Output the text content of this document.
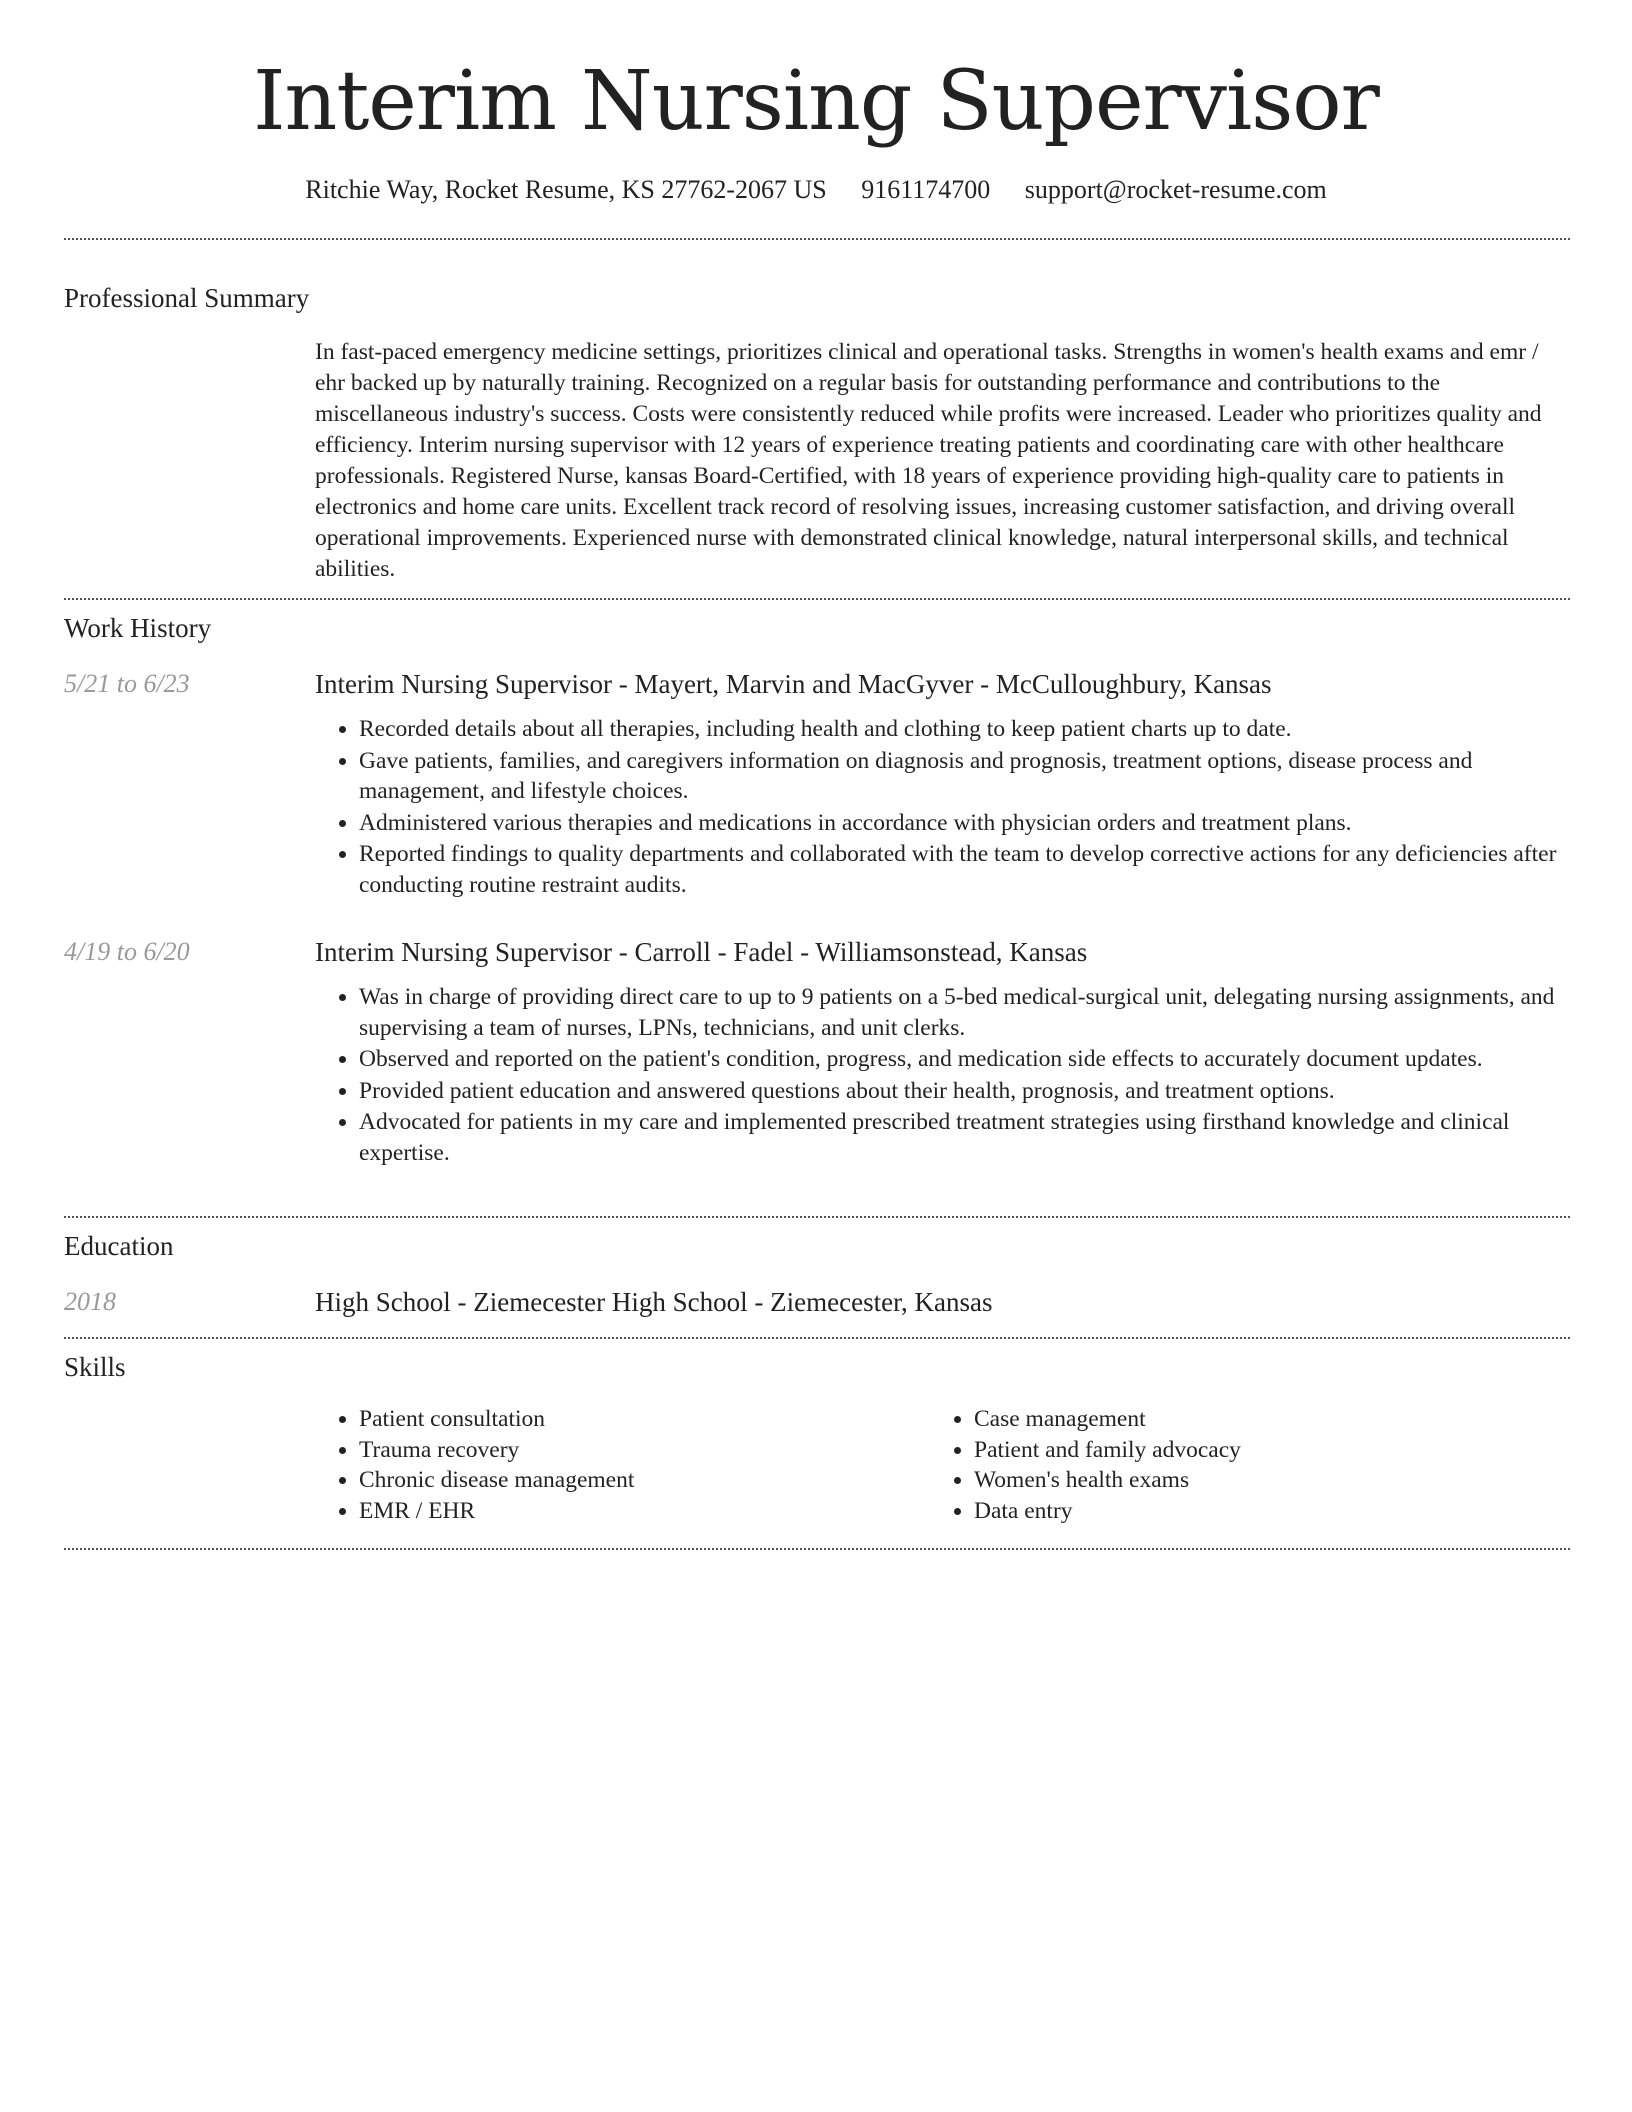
Interim Nursing Supervisor
Ritchie Way, Rocket Resume, KS 27762-2067 US 9161174700 support@rocket-resume.com
Professional Summary

In fast-paced emergency medicine settings, prioritizes clinical and operational tasks. Strengths in women's health exams and emr / ehr backed up by naturally training. Recognized on a regular basis for outstanding performance and contributions to the miscellaneous industry's success. Costs were consistently reduced while profits were increased. Leader who prioritizes quality and efficiency. Interim nursing supervisor with 12 years of experience treating patients and coordinating care with other healthcare professionals. Registered Nurse, kansas Board-Certified, with 18 years of experience providing high-quality care to patients in electronics and home care units. Excellent track record of resolving issues, increasing customer satisfaction, and driving overall operational improvements. Experienced nurse with demonstrated clinical knowledge, natural interpersonal skills, and technical abilities.

Work History
5/21 to 6/23	Interim Nursing Supervisor - Mayert, Marvin and MacGyver - McCulloughbury, Kansas
• Recorded details about all therapies, including health and clothing to keep patient charts up to date.
• Gave patients, families, and caregivers information on diagnosis and prognosis, treatment options, disease process and management, and lifestyle choices.
• Administered various therapies and medications in accordance with physician orders and treatment plans.
• Reported findings to quality departments and collaborated with the team to develop corrective actions for any deficiencies after conducting routine restraint audits.
4/19 to 6/20	Interim Nursing Supervisor - Carroll - Fadel - Williamsonstead, Kansas
• Was in charge of providing direct care to up to 9 patients on a 5-bed medical-surgical unit, delegating nursing assignments, and supervising a team of nurses, LPNs, technicians, and unit clerks.
• Observed and reported on the patient's condition, progress, and medication side effects to accurately document updates.
• Provided patient education and answered questions about their health, prognosis, and treatment options.
• Advocated for patients in my care and implemented prescribed treatment strategies using firsthand knowledge and clinical expertise.
Education
2018	High School - Ziemecester High School - Ziemecester, Kansas
Skills
• Patient consultation
• Trauma recovery
• Chronic disease management
• EMR / EHR
• Case management
• Patient and family advocacy
• Women's health exams
• Data entry
